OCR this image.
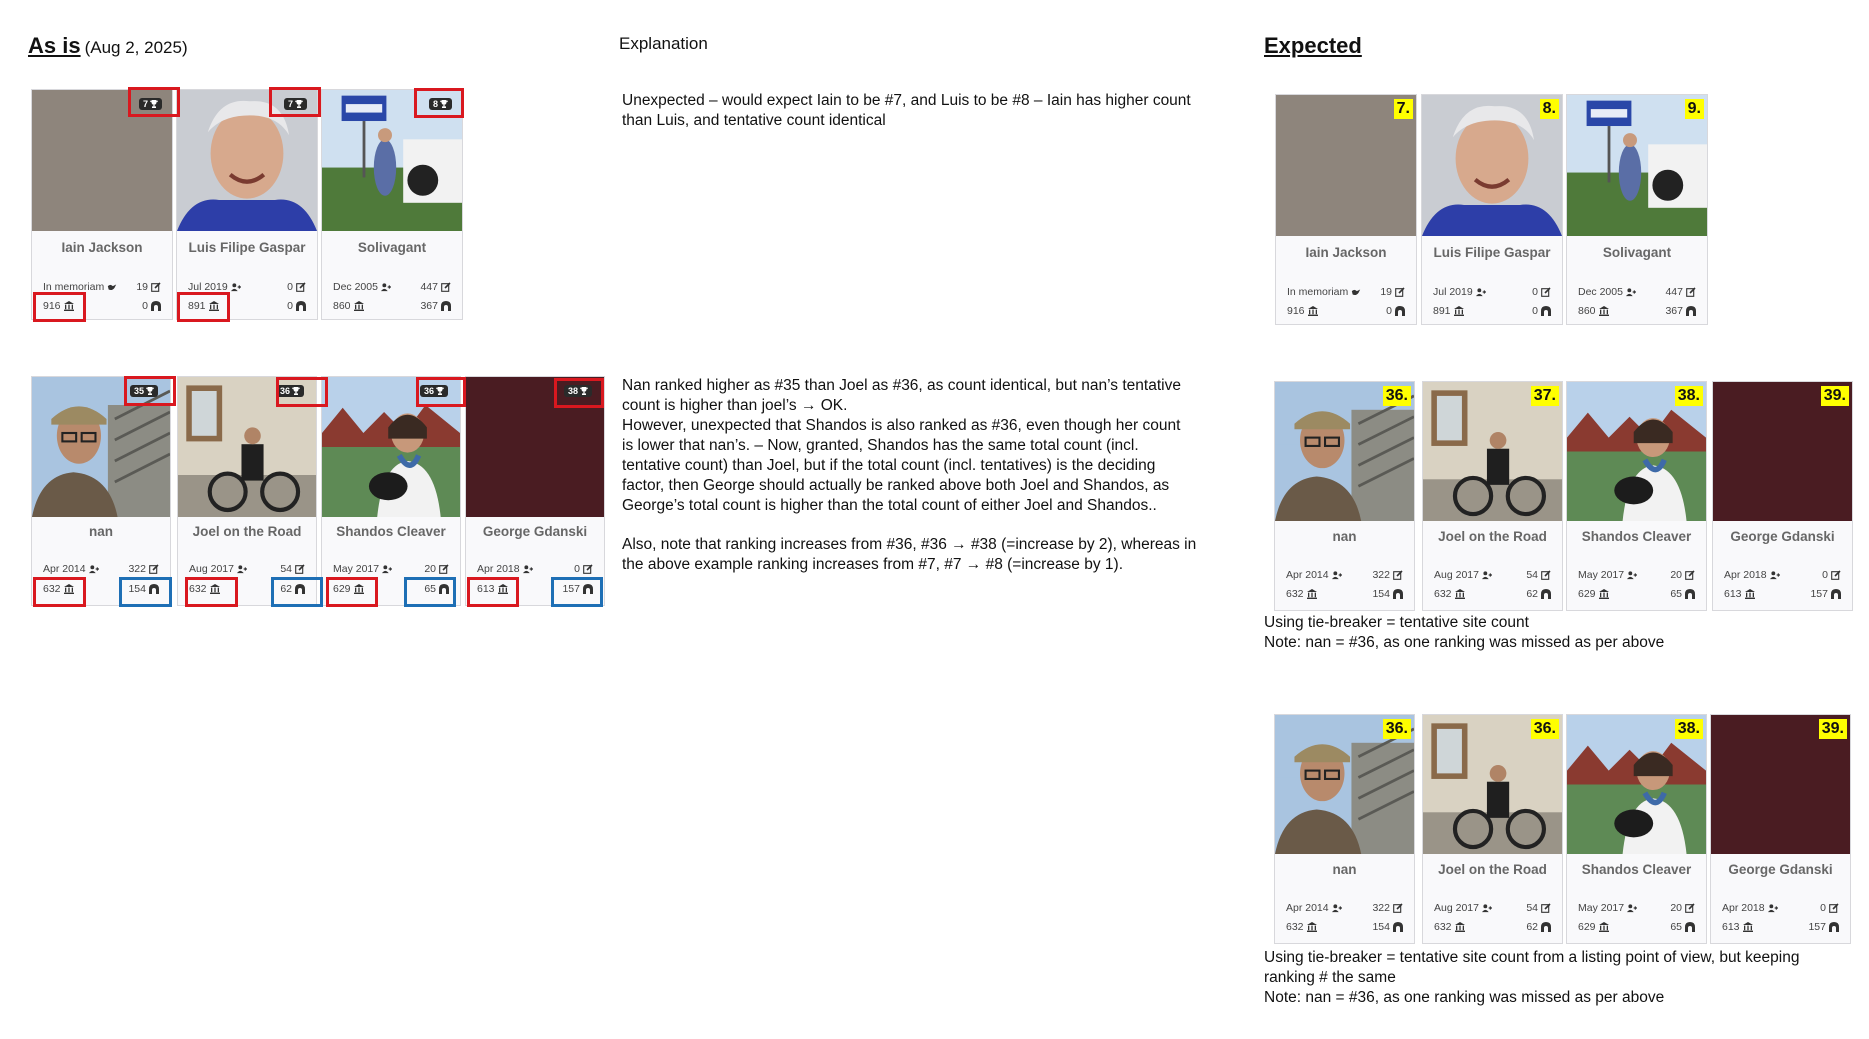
As is (Aug 2, 2025)	Explanation	Expected
Unexpected – would expect Iain to be #7, and Luis to be #8 – Iain has higher count
than Luis, and tentative count identical
Nan ranked higher as #35 than Joel as #36, as count identical, but nan’s tentative
count is higher than joel’s → OK.
However, unexpected that Shandos is also ranked as #36, even though her count
is lower that nan’s. – Now, granted, Shandos has the same total count (incl.
tentative count) than Joel, but if the total count (incl. tentatives) is the deciding
factor, then George should actually be ranked above both Joel and Shandos, as
George’s total count is higher than the total count of either Joel and Shandos..
Also, note that ranking increases from #36, #36 → #38 (=increase by 2), whereas in
the above example ranking increases from #7, #7 → #8 (=increase by 1).
Using tie-breaker = tentative site count
Note: nan = #36, as one ranking was missed as per above
Using tie-breaker = tentative site count from a listing point of view, but keeping
ranking # the same
Note: nan = #36, as one ranking was missed as per above
Iain Jackson
In memoriam	19
916	0
7
Luis Filipe Gaspar
Jul 2019	0
891	0
7
Solivagant
Dec 2005	447
860	367
8
nan
Apr 2014	322
632	154
35
Joel on the Road
Aug 2017	54
632	62
36
Shandos Cleaver
May 2017	20
629	65
36
George Gdanski
Apr 2018	0
613	157
38
Iain Jackson
In memoriam	19
916	0
7.
Luis Filipe Gaspar
Jul 2019	0
891	0
8.
Solivagant
Dec 2005	447
860	367
9.
nan
Apr 2014	322
632	154
36.
Joel on the Road
Aug 2017	54
632	62
37.
Shandos Cleaver
May 2017	20
629	65
38.
George Gdanski
Apr 2018	0
613	157
39.
nan
Apr 2014	322
632	154
36.
Joel on the Road
Aug 2017	54
632	62
36.
Shandos Cleaver
May 2017	20
629	65
38.
George Gdanski
Apr 2018	0
613	157
39.
